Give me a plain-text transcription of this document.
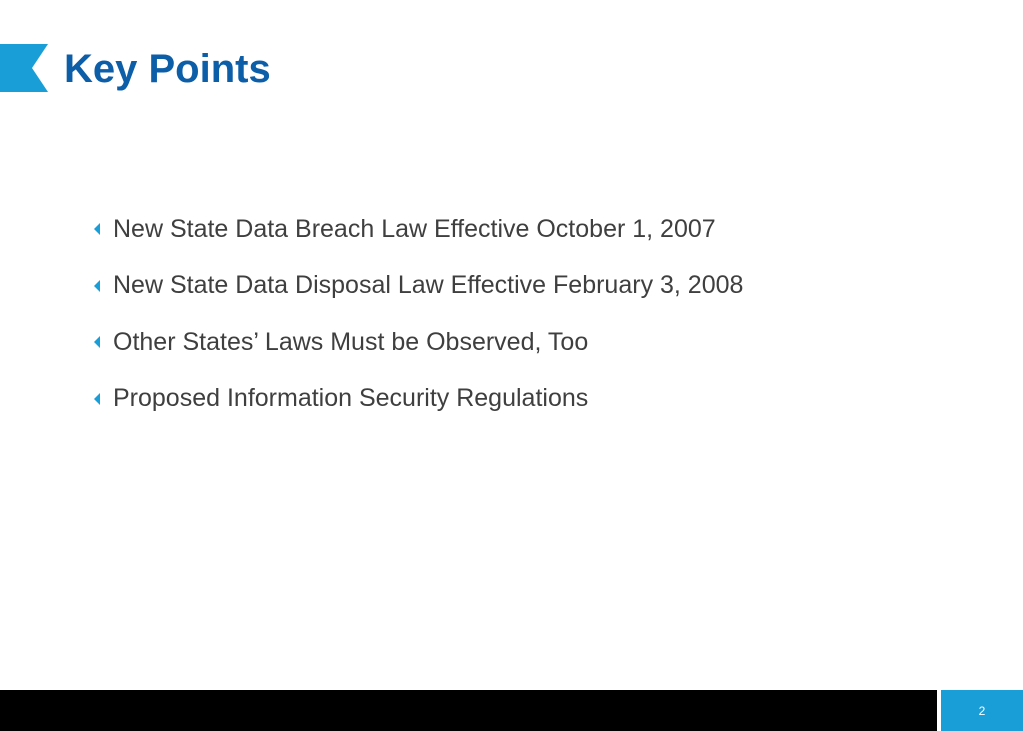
Key Points
New State Data Breach Law Effective October 1, 2007
New State Data Disposal Law Effective February 3, 2008
Other States’ Laws Must be Observed, Too
Proposed Information Security Regulations
2
